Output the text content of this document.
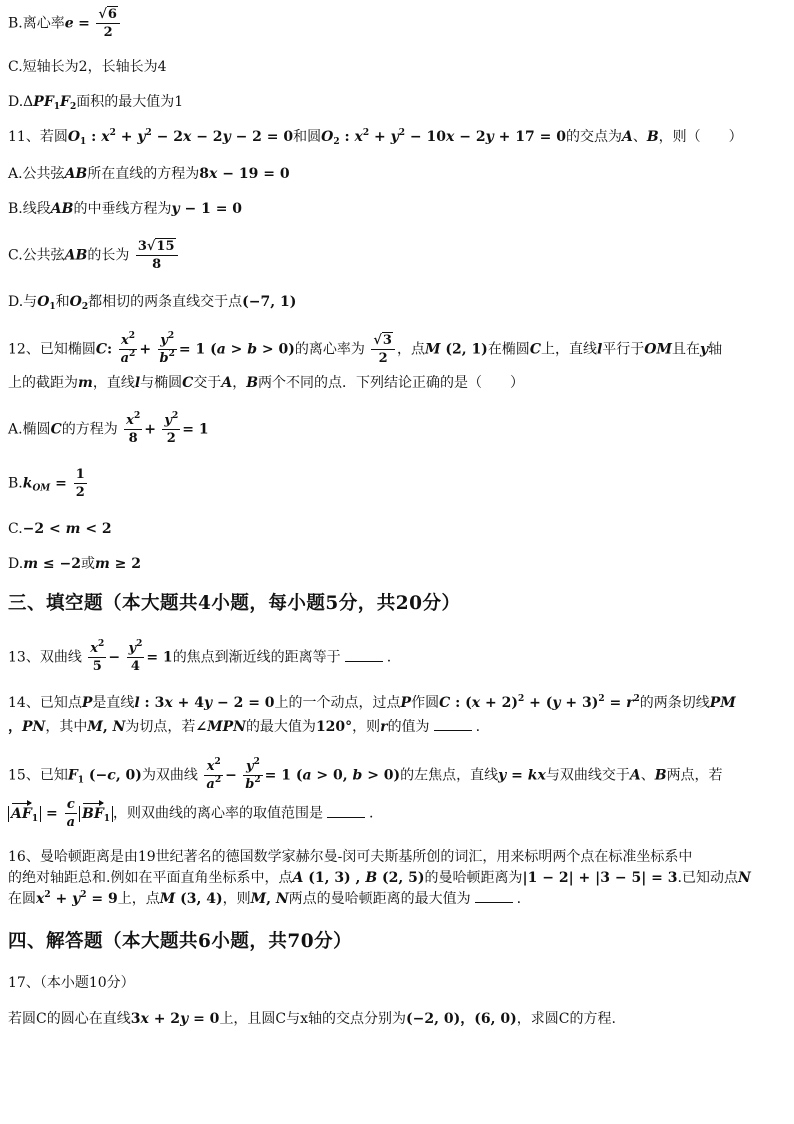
B.离心率$e = \frac{√6}{2}$
C.短轴长为2，长轴长为4
$D.\Delta PF_1F_2$面积的最大值为1
11、若圆$O_1$ : $x^2 + y^2 - 2x - 2y - 2 = 0$和圆$O_2$ : $x^2 + y^2 - 10x - 2y + 17 = 0$的交点为A、B，则（　　）
A.公共弦AB所在直线的方程为8x − 19 = 0
B.线段AB的中垂线方程为y − 1 = 0
C.公共弦AB的长为 $\frac{3√15}{8}$
D.与$O_1$和$O_2$都相切的两条直线交于点(−7, 1)
12、已知椭圆C: $\frac{x^2}{a^2} + \frac{y^2}{b^2} = 1$ (a > b > 0)的离心率为 $\frac{√3}{2}$ ，点M (2, 1)在椭圆C上，直线l平行于OM且在y轴
上的截距为m，直线l与椭圆C交于A，B两个不同的点．下列结论正确的是（　　）
A.椭圆C的方程为 $\frac{x^2}{8} + \frac{y^2}{2} = 1$
$B.k_{OM} = \frac{1}{2}$
C.−2 < m < 2
D.m ≤ −2或m ≥ 2
三、填空题（本大题共4小题，每小题5分，共20分）
13、双曲线 $\frac{x^2}{5} - \frac{y^2}{4} = 1$的焦点到渐近线的距离等于	.
14、已知点P是直线l : 3x + 4y − 2 = 0上的一个动点，过点P作圆C : $(x + 2)^2 + (y + 3)^2 = r^2$的两条切线PM
，PN，其中M, N为切点，若∠MPN的最大值为120°，则r的值为	.
15、已知$F_1$ (−c, 0)为双曲线 $\frac{x^2}{a^2} - \frac{y^2}{b^2} = 1$ (a > 0, b > 0)的左焦点，直线y = kx与双曲线交于A、B两点，若
$AF_1 = \frac{c}{a} BF_1$ ，则双曲线的离心率的取值范围是	.
16、曼哈顿距离是由19世纪著名的德国数学家赫尔曼-闵可夫斯基所创的词汇，用来标明两个点在标准坐标系中
的绝对轴距总和.例如在平面直角坐标系中，点A (1, 3) , B (2, 5)的曼哈顿距离为|1 − 2| + |3 − 5| = 3.已知动点N
在圆$x^2 + y^2 = 9$上，点M (3, 4)，则M, N两点的曼哈顿距离的最大值为	.
四、解答题（本大题共6小题，共70分）
17、（本小题10分）
若圆C的圆心在直线3x + 2y = 0上，且圆C与x轴的交点分别为(−2, 0)，(6, 0)，求圆C的方程.
